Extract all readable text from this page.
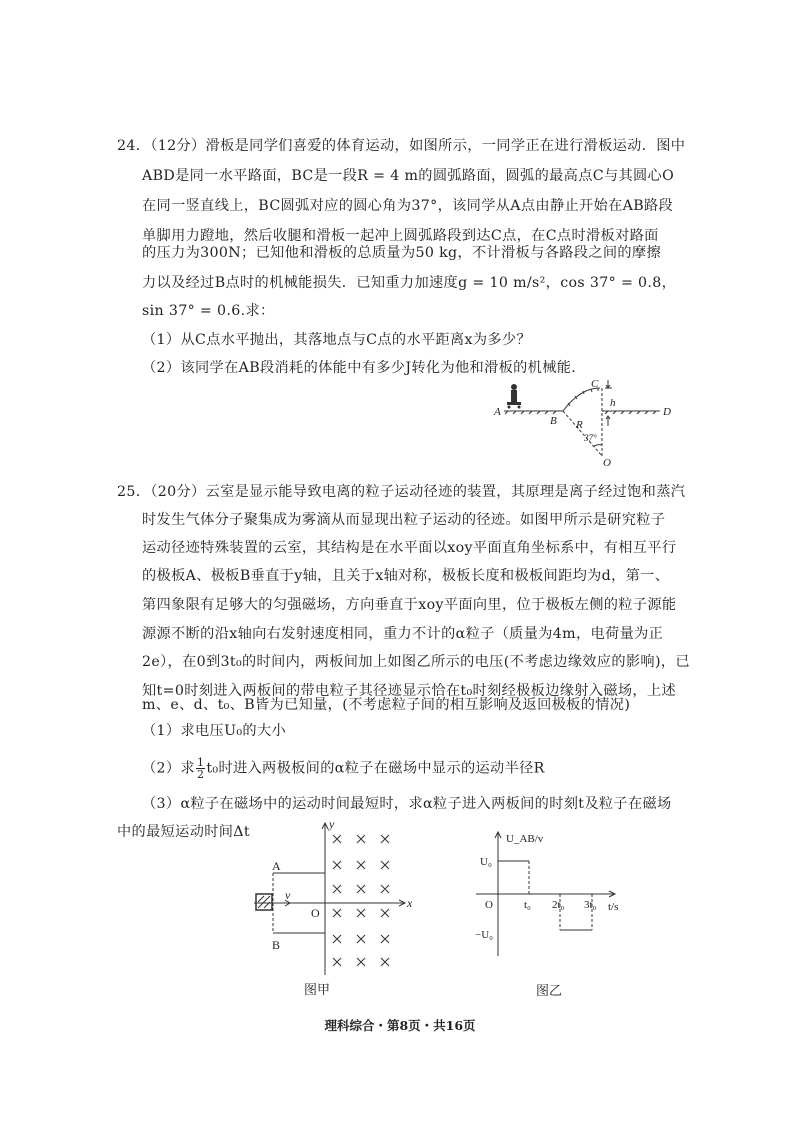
24．（12分）滑板是同学们喜爱的体育运动，如图所示，一同学正在进行滑板运动．图中
ABD是同一水平路面，BC是一段R = 4 m的圆弧路面，圆弧的最高点C与其圆心O
在同一竖直线上，BC圆弧对应的圆心角为37°，该同学从A点由静止开始在AB路段
单脚用力蹬地，然后收腿和滑板一起冲上圆弧路段到达C点，在C点时滑板对路面
的压力为300N；已知他和滑板的总质量为50 kg，不计滑板与各路段之间的摩擦
力以及经过B点时的机械能损失．已知重力加速度g = 10 m/s²，cos 37° = 0.8，
sin 37° = 0.6.求：
（1）从C点水平抛出，其落地点与C点的水平距离x为多少？
（2）该同学在AB段消耗的体能中有多少J转化为他和滑板的机械能．
A
B
C
D
O
R
h
37°
25．（20分）云室是显示能导致电离的粒子运动径迹的装置，其原理是离子经过饱和蒸汽
时发生气体分子聚集成为雾滴从而显现出粒子运动的径迹。如图甲所示是研究粒子
运动径迹特殊装置的云室，其结构是在水平面以xoy平面直角坐标系中，有相互平行
的极板A、极板B垂直于y轴，且关于x轴对称，极板长度和极板间距均为d，第一、
第四象限有足够大的匀强磁场，方向垂直于xoy平面向里，位于极板左侧的粒子源能
源源不断的沿x轴向右发射速度相同，重力不计的α粒子（质量为4m，电荷量为正
2e），在0到3t₀的时间内，两板间加上如图乙所示的电压(不考虑边缘效应的影响)，已
知t=0时刻进入两板间的带电粒子其径迹显示恰在t₀时刻经极板边缘射入磁场，上述
m、e、d、t₀、B皆为已知量，(不考虑粒子间的相互影响及返回极板的情况)
（1）求电压U₀的大小
（2）求 $\frac{1}{2} t_0$时进入两极板间的α粒子在磁场中显示的运动半径R
（3）α粒子在磁场中的运动时间最短时，求α粒子进入两板间的时刻t及粒子在磁场
中的最短运动时间Δt	y
x
O
A
B
v
图甲
U_AB/v
U₀
−U₀
O	t₀ 2t₀ 3t₀ t/s
图乙
理科综合・第8页・共16页
